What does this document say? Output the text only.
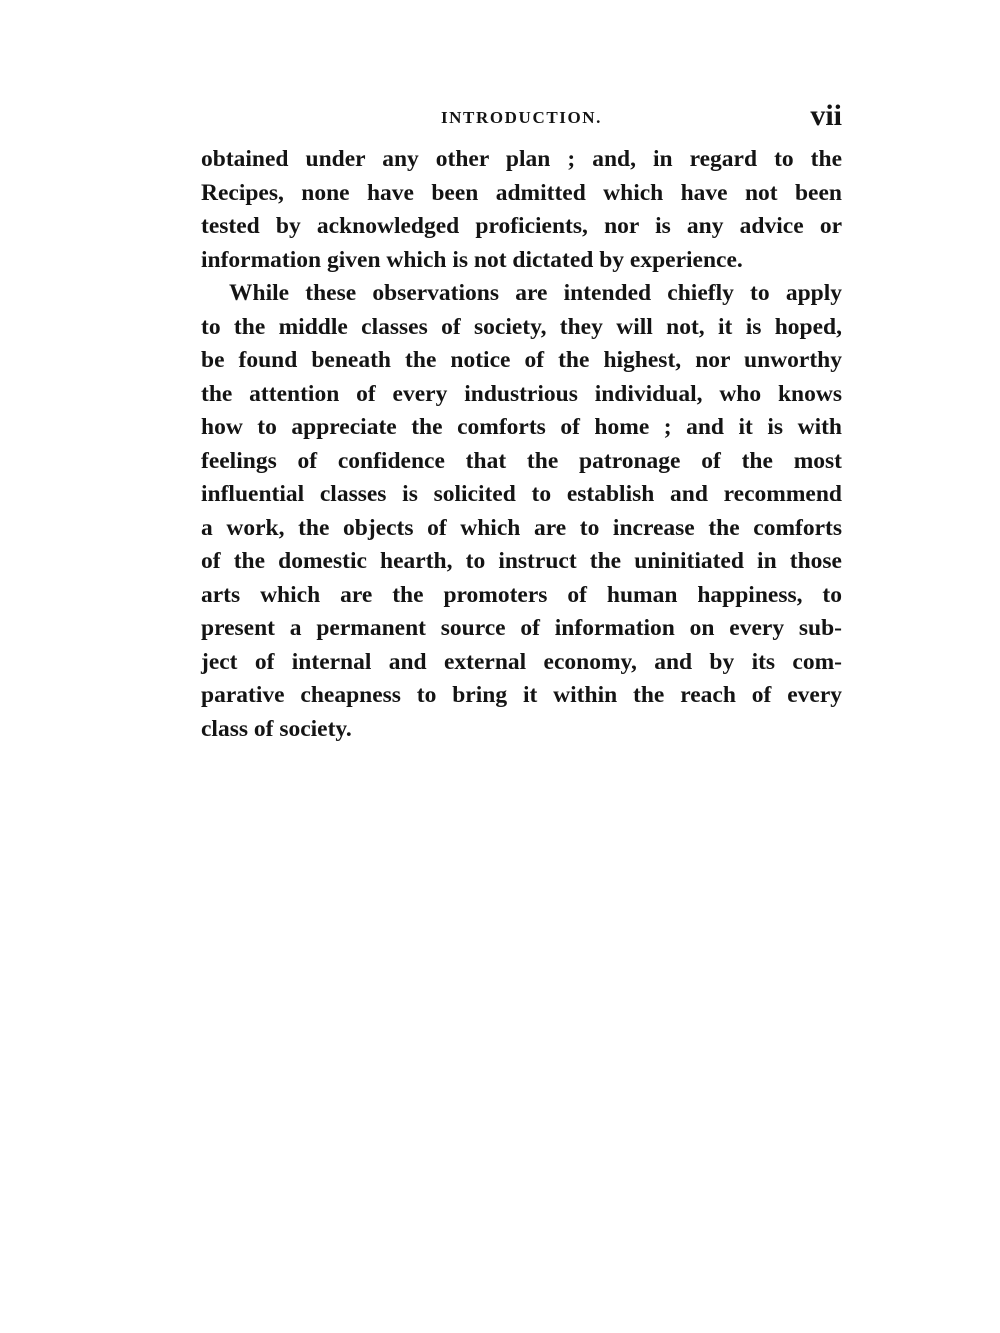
INTRODUCTION.	vii
obtained under any other plan ; and, in regard to the
Recipes, none have been admitted which have not been
tested by acknowledged proficients, nor is any advice or
information given which is not dictated by experience.
While these observations are intended chiefly to apply
to the middle classes of society, they will not, it is hoped,
be found beneath the notice of the highest, nor unworthy
the attention of every industrious individual, who knows
how to appreciate the comforts of home ; and it is with
feelings of confidence that the patronage of the most
influential classes is solicited to establish and recommend
a work, the objects of which are to increase the comforts
of the domestic hearth, to instruct the uninitiated in those
arts which are the promoters of human happiness, to
present a permanent source of information on every sub-
ject of internal and external economy, and by its com-
parative cheapness to bring it within the reach of every
class of society.
